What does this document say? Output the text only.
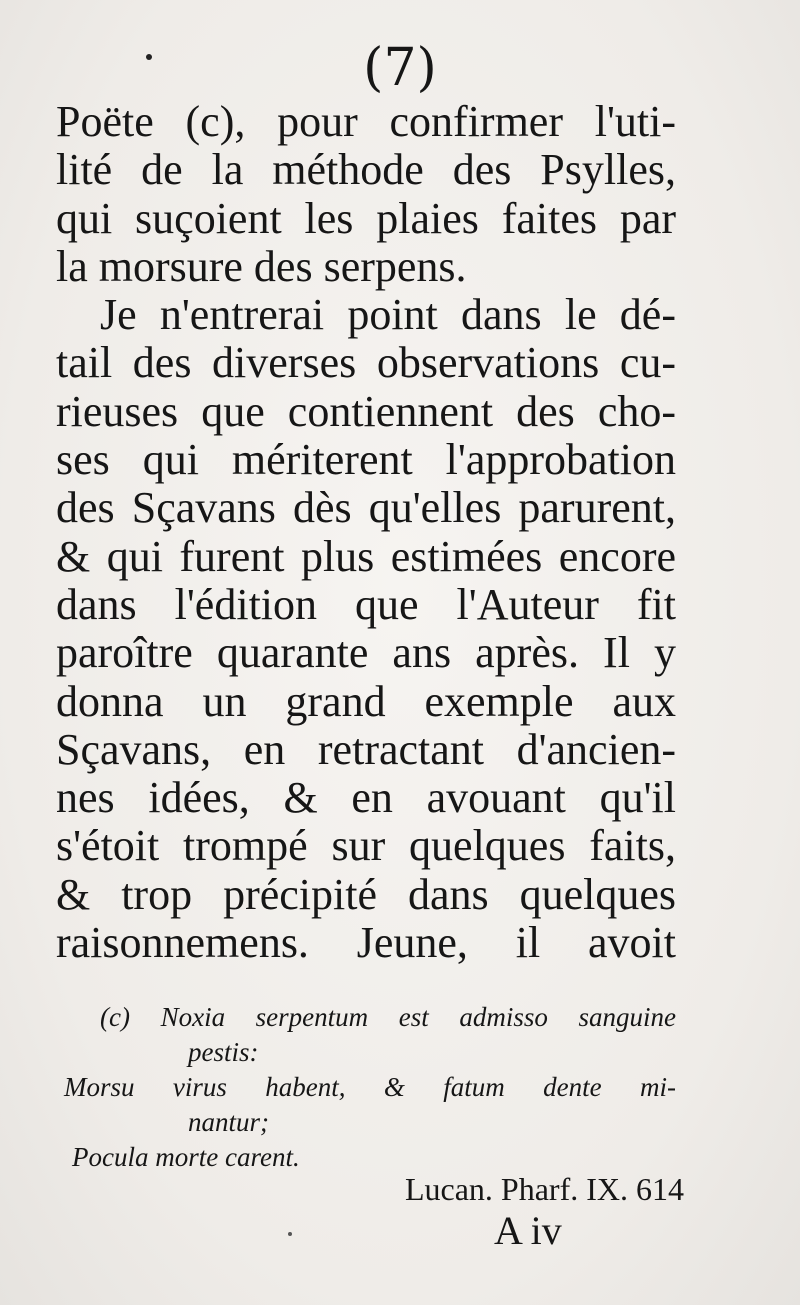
(7)
Poëte (c), pour confirmer l'uti-
lité de la méthode des Psylles,
qui suçoient les plaies faites par
la morsure des serpens.
Je n'entrerai point dans le dé-
tail des diverses observations cu-
rieuses que contiennent des cho-
ses qui mériterent l'approbation
des Sçavans dès qu'elles parurent,
& qui furent plus estimées encore
dans l'édition que l'Auteur fit
paroître quarante ans après. Il y
donna un grand exemple aux
Sçavans, en retractant d'ancien-
nes idées, & en avouant qu'il
s'étoit trompé sur quelques faits,
& trop précipité dans quelques
raisonnemens. Jeune, il avoit
(c) Noxia serpentum est admisso sanguine
pestis:
Morsu virus habent, & fatum dente mi-
nantur;
Pocula morte carent.
Lucan. Pharf. IX. 614
A iv
